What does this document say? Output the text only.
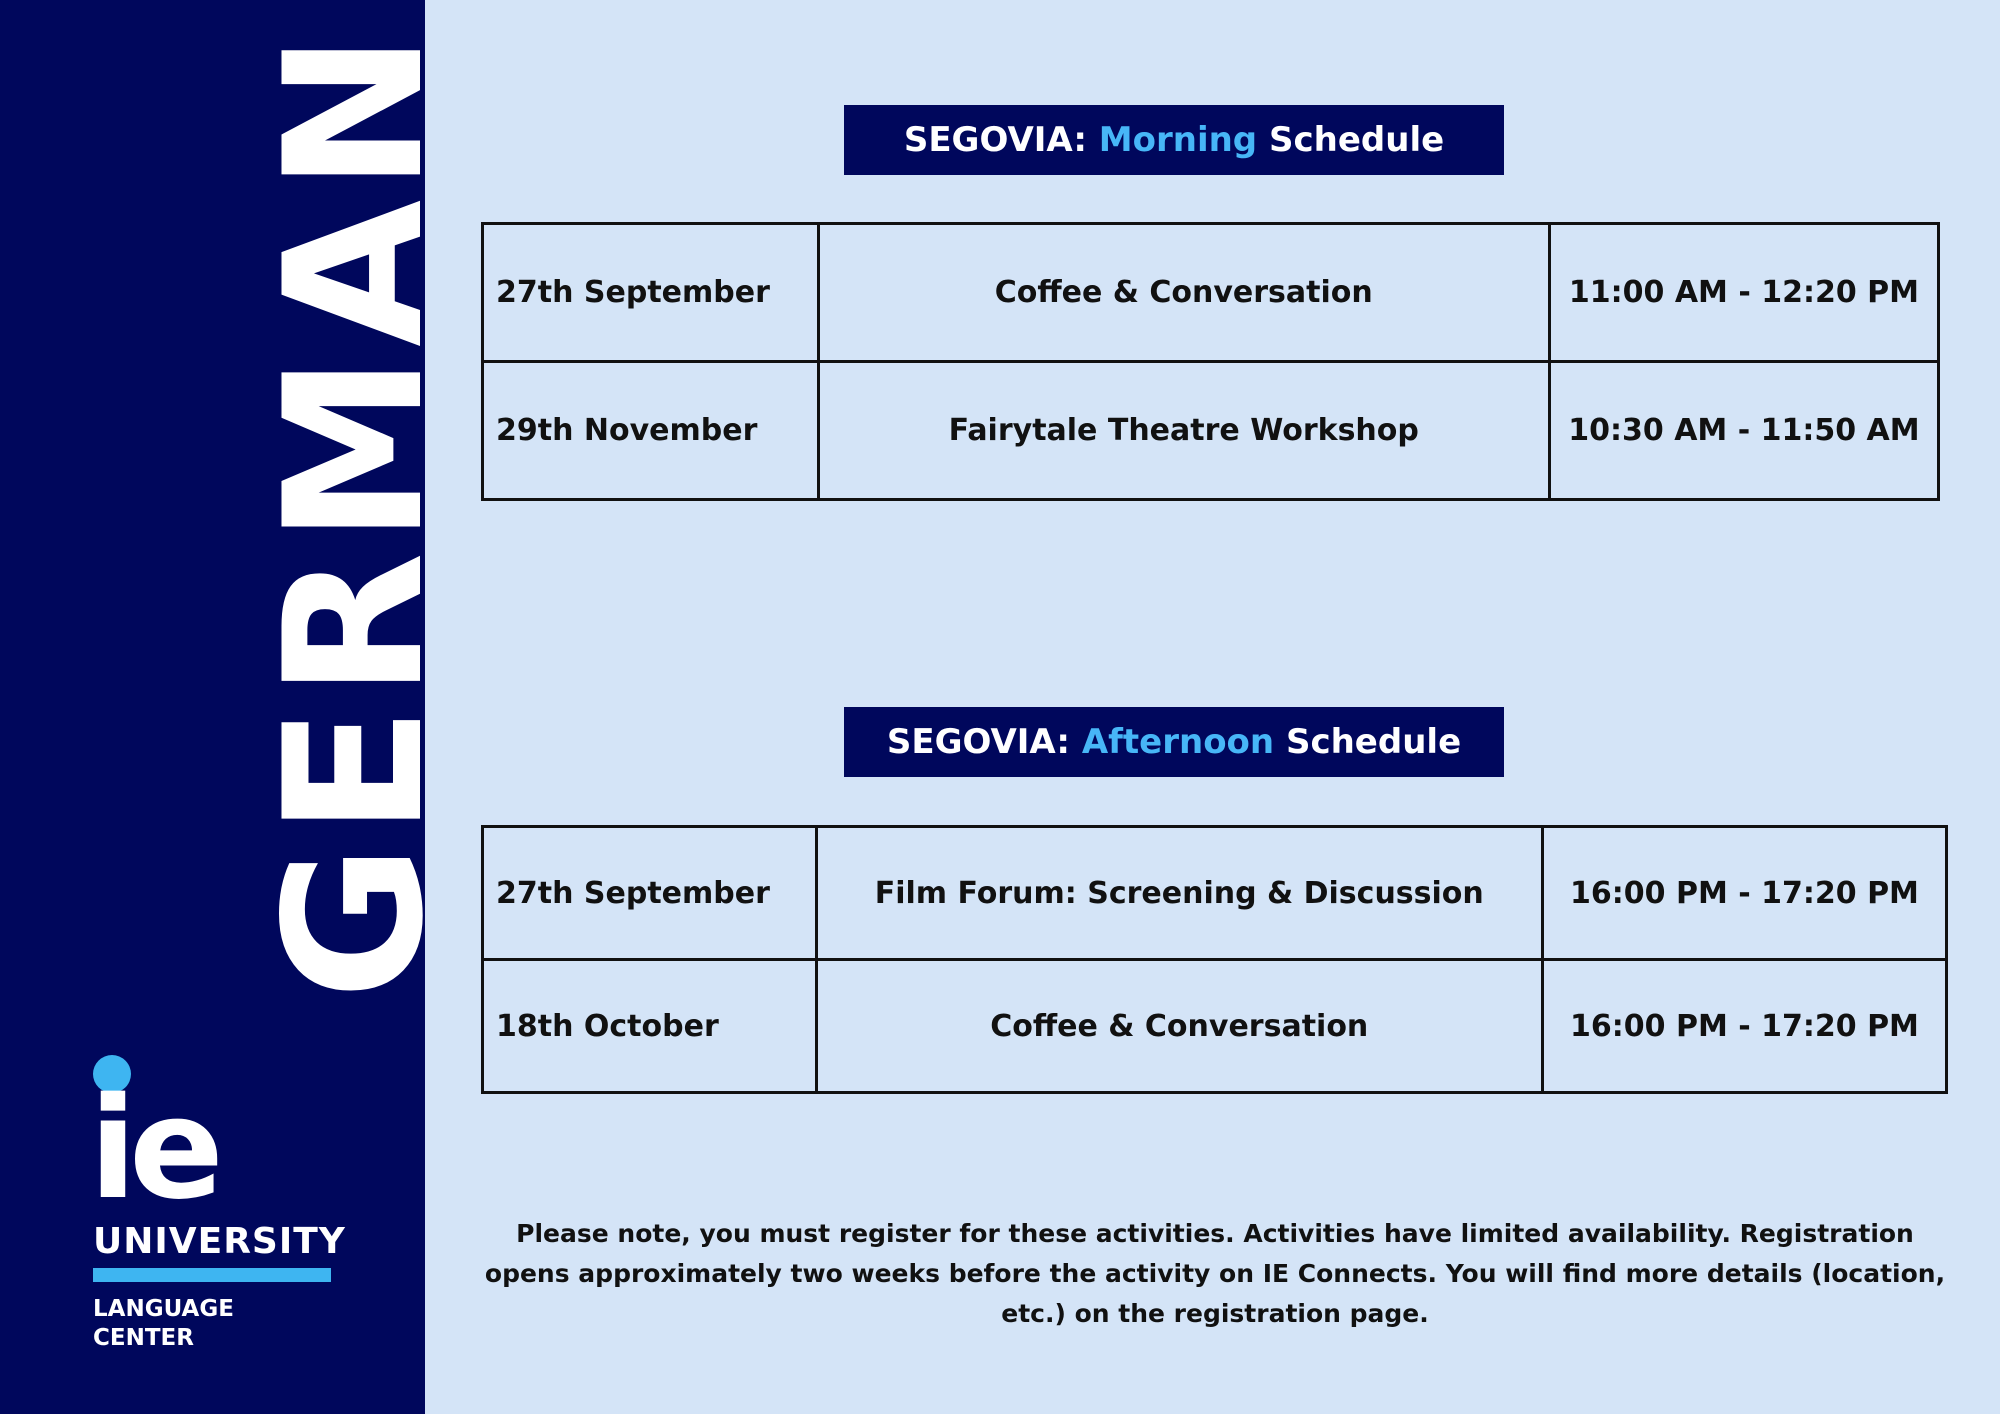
GERMAN
ie
UNIVERSITY
LANGUAGE
CENTER
SEGOVIA: Morning Schedule
27th September	Coffee & Conversation	11:00 AM - 12:20 PM
29th November	Fairytale Theatre Workshop	10:30 AM - 11:50 AM
SEGOVIA: Afternoon Schedule
27th September	Film Forum: Screening & Discussion	16:00 PM - 17:20 PM
18th October	Coffee & Conversation	16:00 PM - 17:20 PM
Please note, you must register for these activities. Activities have limited availability. Registration opens approximately two weeks before the activity on IE Connects. You will find more details (location, etc.) on the registration page.
